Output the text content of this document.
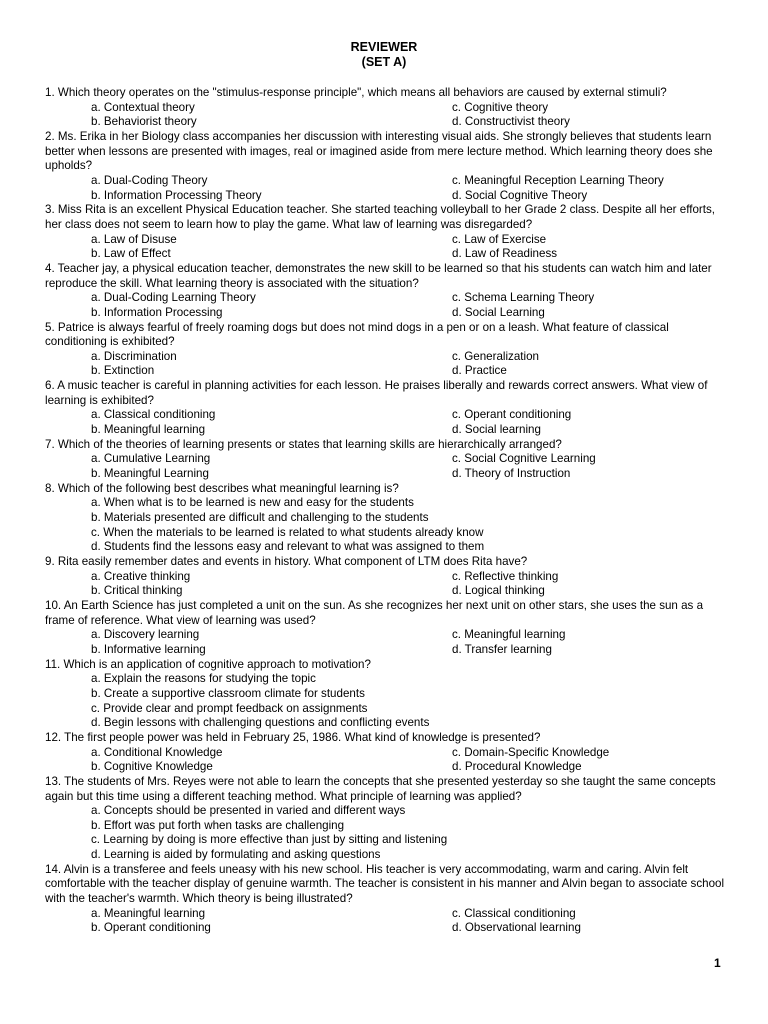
REVIEWER
(SET A)
1. Which theory operates on the "stimulus-response principle", which means all behaviors are caused by external stimuli?
a. Contextual theory	c. Cognitive theory
b. Behaviorist theory	d. Constructivist theory
2. Ms. Erika in her Biology class accompanies her discussion with interesting visual aids. She strongly believes that students learn better when lessons are presented with images, real or imagined aside from mere lecture method. Which learning theory does she upholds?
a. Dual-Coding Theory	c. Meaningful Reception Learning Theory
b. Information Processing Theory	d. Social Cognitive Theory
3. Miss Rita is an excellent Physical Education teacher. She started teaching volleyball to her Grade 2 class. Despite all her efforts, her class does not seem to learn how to play the game. What law of learning was disregarded?
a. Law of Disuse	c. Law of Exercise
b. Law of Effect	d. Law of Readiness
4. Teacher jay, a physical education teacher, demonstrates the new skill to be learned so that his students can watch him and later reproduce the skill. What learning theory is associated with the situation?
a. Dual-Coding Learning Theory	c. Schema Learning Theory
b. Information Processing	d. Social Learning
5. Patrice is always fearful of freely roaming dogs but does not mind dogs in a pen or on a leash. What feature of classical conditioning is exhibited?
a. Discrimination	c. Generalization
b. Extinction	d. Practice
6. A music teacher is careful in planning activities for each lesson. He praises liberally and rewards correct answers. What view of learning is exhibited?
a. Classical conditioning	c. Operant conditioning
b. Meaningful learning	d. Social learning
7. Which of the theories of learning presents or states that learning skills are hierarchically arranged?
a. Cumulative Learning	c. Social Cognitive Learning
b. Meaningful Learning	d. Theory of Instruction
8. Which of the following best describes what meaningful learning is?
a. When what is to be learned is new and easy for the students
b. Materials presented are difficult and challenging to the students
c. When the materials to be learned is related to what students already know
d. Students find the lessons easy and relevant to what was assigned to them
9. Rita easily remember dates and events in history. What component of LTM does Rita have?
a. Creative thinking	c. Reflective thinking
b. Critical thinking	d. Logical thinking
10. An Earth Science has just completed a unit on the sun. As she recognizes her next unit on other stars, she uses the sun as a frame of reference. What view of learning was used?
a. Discovery learning	c. Meaningful learning
b. Informative learning	d. Transfer learning
11. Which is an application of cognitive approach to motivation?
a. Explain the reasons for studying the topic
b. Create a supportive classroom climate for students
c. Provide clear and prompt feedback on assignments
d. Begin lessons with challenging questions and conflicting events
12. The first people power was held in February 25, 1986. What kind of knowledge is presented?
a. Conditional Knowledge	c. Domain-Specific Knowledge
b. Cognitive Knowledge	d. Procedural Knowledge
13. The students of Mrs. Reyes were not able to learn the concepts that she presented yesterday so she taught the same concepts again but this time using a different teaching method. What principle of learning was applied?
a. Concepts should be presented in varied and different ways
b. Effort was put forth when tasks are challenging
c. Learning by doing is more effective than just by sitting and listening
d. Learning is aided by formulating and asking questions
14. Alvin is a transferee and feels uneasy with his new school. His teacher is very accommodating, warm and caring. Alvin felt comfortable with the teacher display of genuine warmth. The teacher is consistent in his manner and Alvin began to associate school with the teacher's warmth. Which theory is being illustrated?
a. Meaningful learning	c. Classical conditioning
b. Operant conditioning	d. Observational learning
1
